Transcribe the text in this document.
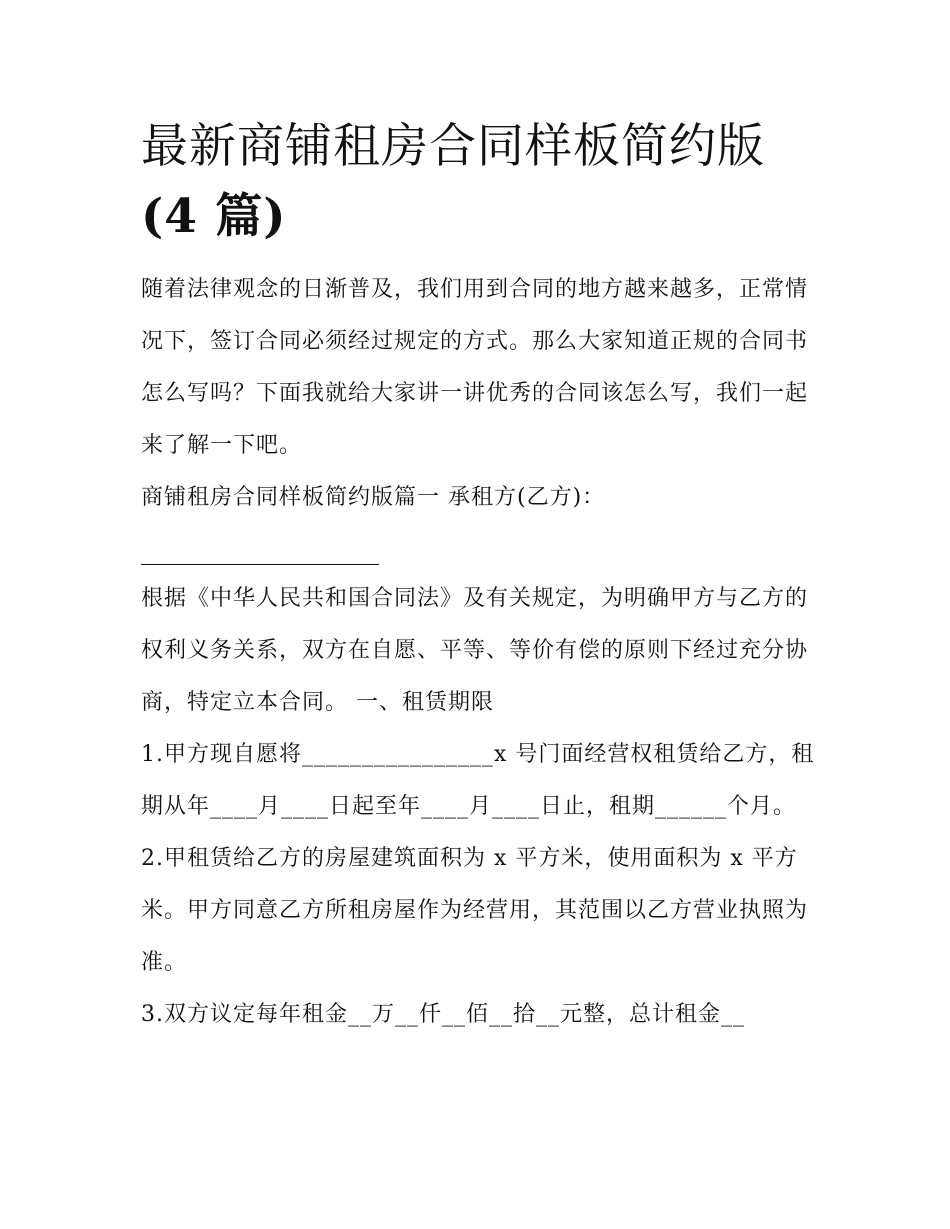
最新商铺租房合同样板简约版
(4 篇)

随着法律观念的日渐普及，我们用到合同的地方越来越多，正常情况下，签订合同必须经过规定的方式。那么大家知道正规的合同书怎么写吗？下面我就给大家讲一讲优秀的合同该怎么写，我们一起来了解一下吧。

商铺租房合同样板简约版篇一 承租方(乙方)：

根据《中华人民共和国合同法》及有关规定，为明确甲方与乙方的权利义务关系，双方在自愿、平等、等价有偿的原则下经过充分协商，特定立本合同。 一、租赁期限

1.甲方现自愿将________________x 号门面经营权租赁给乙方，租期从年____月____日起至年____月____日止，租期______个月。

2.甲租赁给乙方的房屋建筑面积为 x 平方米，使用面积为 x 平方米。甲方同意乙方所租房屋作为经营用，其范围以乙方营业执照为准。

3.双方议定每年租金__万__仟__佰__拾__元整，总计租金__
